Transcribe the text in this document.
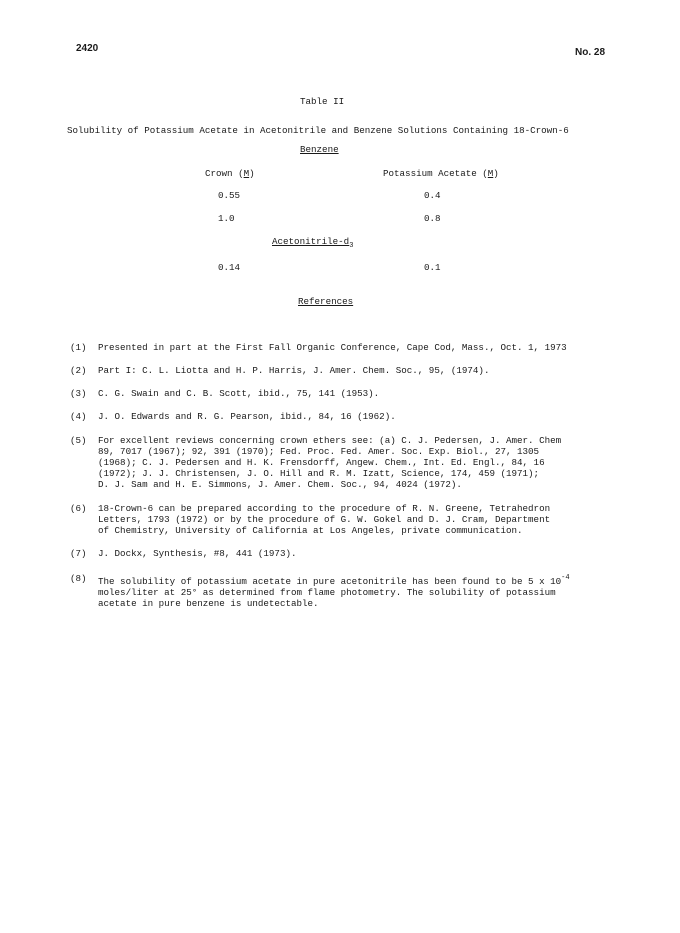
2420	No. 28
Table II
Solubility of Potassium Acetate in Acetonitrile and Benzene Solutions Containing 18-Crown-6
Benzene
Crown (M)	Potassium Acetate (M)
0.55	0.4
1.0	0.8
Acetonitrile-$d_3$
0.14	0.1
References
(1) Presented in part at the First Fall Organic Conference, Cape Cod, Mass., Oct. 1, 1973
(2) Part I: C. L. Liotta and H. P. Harris, J. Amer. Chem. Soc., 95, (1974).
(3) C. G. Swain and C. B. Scott, ibid., 75, 141 (1953).
(4) J. O. Edwards and R. G. Pearson, ibid., 84, 16 (1962).
(5) For excellent reviews concerning crown ethers see: (a) C. J. Pedersen, J. Amer. Chem
89, 7017 (1967); 92, 391 (1970); Fed. Proc. Fed. Amer. Soc. Exp. Biol., 27, 1305
(1968); C. J. Pedersen and H. K. Frensdorff, Angew. Chem., Int. Ed. Engl., 84, 16
(1972); J. J. Christensen, J. O. Hill and R. M. Izatt, Science, 174, 459 (1971);
D. J. Sam and H. E. Simmons, J. Amer. Chem. Soc., 94, 4024 (1972).
(6) 18-Crown-6 can be prepared according to the procedure of R. N. Greene, Tetrahedron
Letters, 1793 (1972) or by the procedure of G. W. Gokel and D. J. Cram, Department
of Chemistry, University of California at Los Angeles, private communication.
(7) J. Dockx, Synthesis, #8, 441 (1973).
(8) The solubility of potassium acetate in pure acetonitrile has been found to be 5 x $10^{-4}$
moles/liter at 25° as determined from flame photometry. The solubility of potassium
acetate in pure benzene is undetectable.
